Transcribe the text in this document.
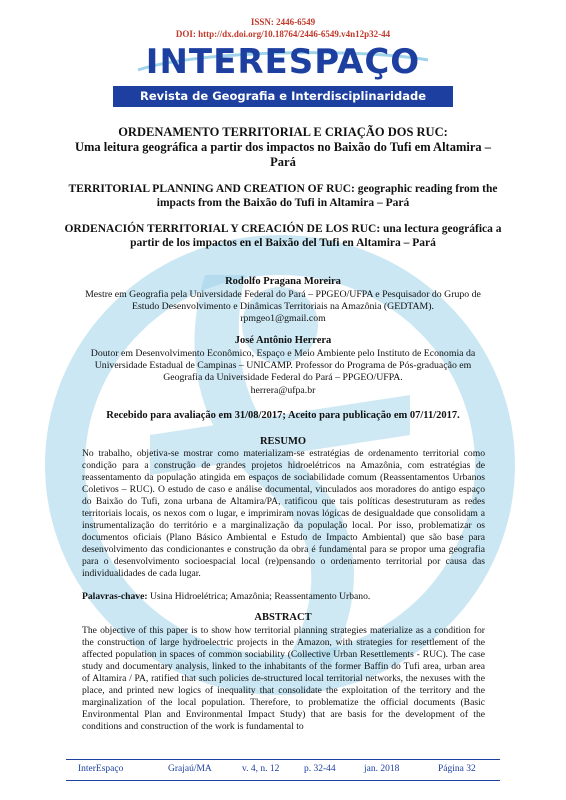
ISSN: 2446-6549
DOI: http://dx.doi.org/10.18764/2446-6549.v4n12p32-44
INTERESPAÇO
Revista de Geografia e Interdisciplinaridade
ORDENAMENTO TERRITORIAL E CRIAÇÃO DOS RUC:
Uma leitura geográfica a partir dos impactos no Baixão do Tufi em Altamira – Pará
TERRITORIAL PLANNING AND CREATION OF RUC: geographic reading from the impacts from the Baixão do Tufi in Altamira – Pará
ORDENACIÓN TERRITORIAL Y CREACIÓN DE LOS RUC: una lectura geográfica a partir de los impactos en el Baixão del Tufi en Altamira – Pará
Rodolfo Pragana Moreira
Mestre em Geografia pela Universidade Federal do Pará – PPGEO/UFPA e Pesquisador do Grupo de Estudo Desenvolvimento e Dinâmicas Territoriais na Amazônia (GEDTAM).
rpmgeo1@gmail.com
José Antônio Herrera
Doutor em Desenvolvimento Econômico, Espaço e Meio Ambiente pelo Instituto de Economia da Universidade Estadual de Campinas – UNICAMP. Professor do Programa de Pós-graduação em Geografia da Universidade Federal do Pará – PPGEO/UFPA.
herrera@ufpa.br
Recebido para avaliação em 31/08/2017; Aceito para publicação em 07/11/2017.
RESUMO
No trabalho, objetiva-se mostrar como materializam-se estratégias de ordenamento territorial como condição para a construção de grandes projetos hidroelétricos na Amazônia, com estratégias de reassentamento da população atingida em espaços de sociabilidade comum (Reassentamentos Urbanos Coletivos – RUC). O estudo de caso e análise documental, vinculados aos moradores do antigo espaço do Baixão do Tufi, zona urbana de Altamira/PA, ratificou que tais políticas desestruturam as redes territoriais locais, os nexos com o lugar, e imprimiram novas lógicas de desigualdade que consolidam a instrumentalização do território e a marginalização da população local. Por isso, problematizar os documentos oficiais (Plano Básico Ambiental e Estudo de Impacto Ambiental) que são base para desenvolvimento das condicionantes e construção da obra é fundamental para se propor uma geografia para o desenvolvimento socioespacial local (re)pensando o ordenamento territorial por causa das individualidades de cada lugar.
Palavras-chave: Usina Hidroelétrica; Amazônia; Reassentamento Urbano.
ABSTRACT
The objective of this paper is to show how territorial planning strategies materialize as a condition for the construction of large hydroelectric projects in the Amazon, with strategies for resettlement of the affected population in spaces of common sociability (Collective Urban Resettlements - RUC). The case study and documentary analysis, linked to the inhabitants of the former Baffin do Tufi area, urban area of Altamira / PA, ratified that such policies de-structured local territorial networks, the nexuses with the place, and printed new logics of inequality that consolidate the exploitation of the territory and the marginalization of the local population. Therefore, to problematize the official documents (Basic Environmental Plan and Environmental Impact Study) that are basis for the development of the conditions and construction of the work is fundamental to
InterEspaço	Grajaú/MA	v. 4, n. 12	p. 32-44	jan. 2018	Página 32
